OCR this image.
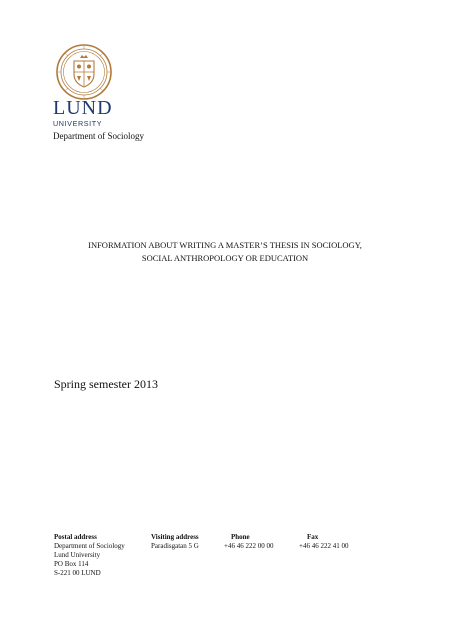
LUND
UNIVERSITY
Department of Sociology
INFORMATION ABOUT WRITING A MASTER’S THESIS IN SOCIOLOGY,
SOCIAL ANTHROPOLOGY OR EDUCATION
Spring semester 2013
Postal address
Department of Sociology
Lund University
PO Box 114
S-221 00 LUND
Visiting address
Paradisgatan 5 G
Phone
+46 46 222 00 00
Fax
+46 46 222 41 00
